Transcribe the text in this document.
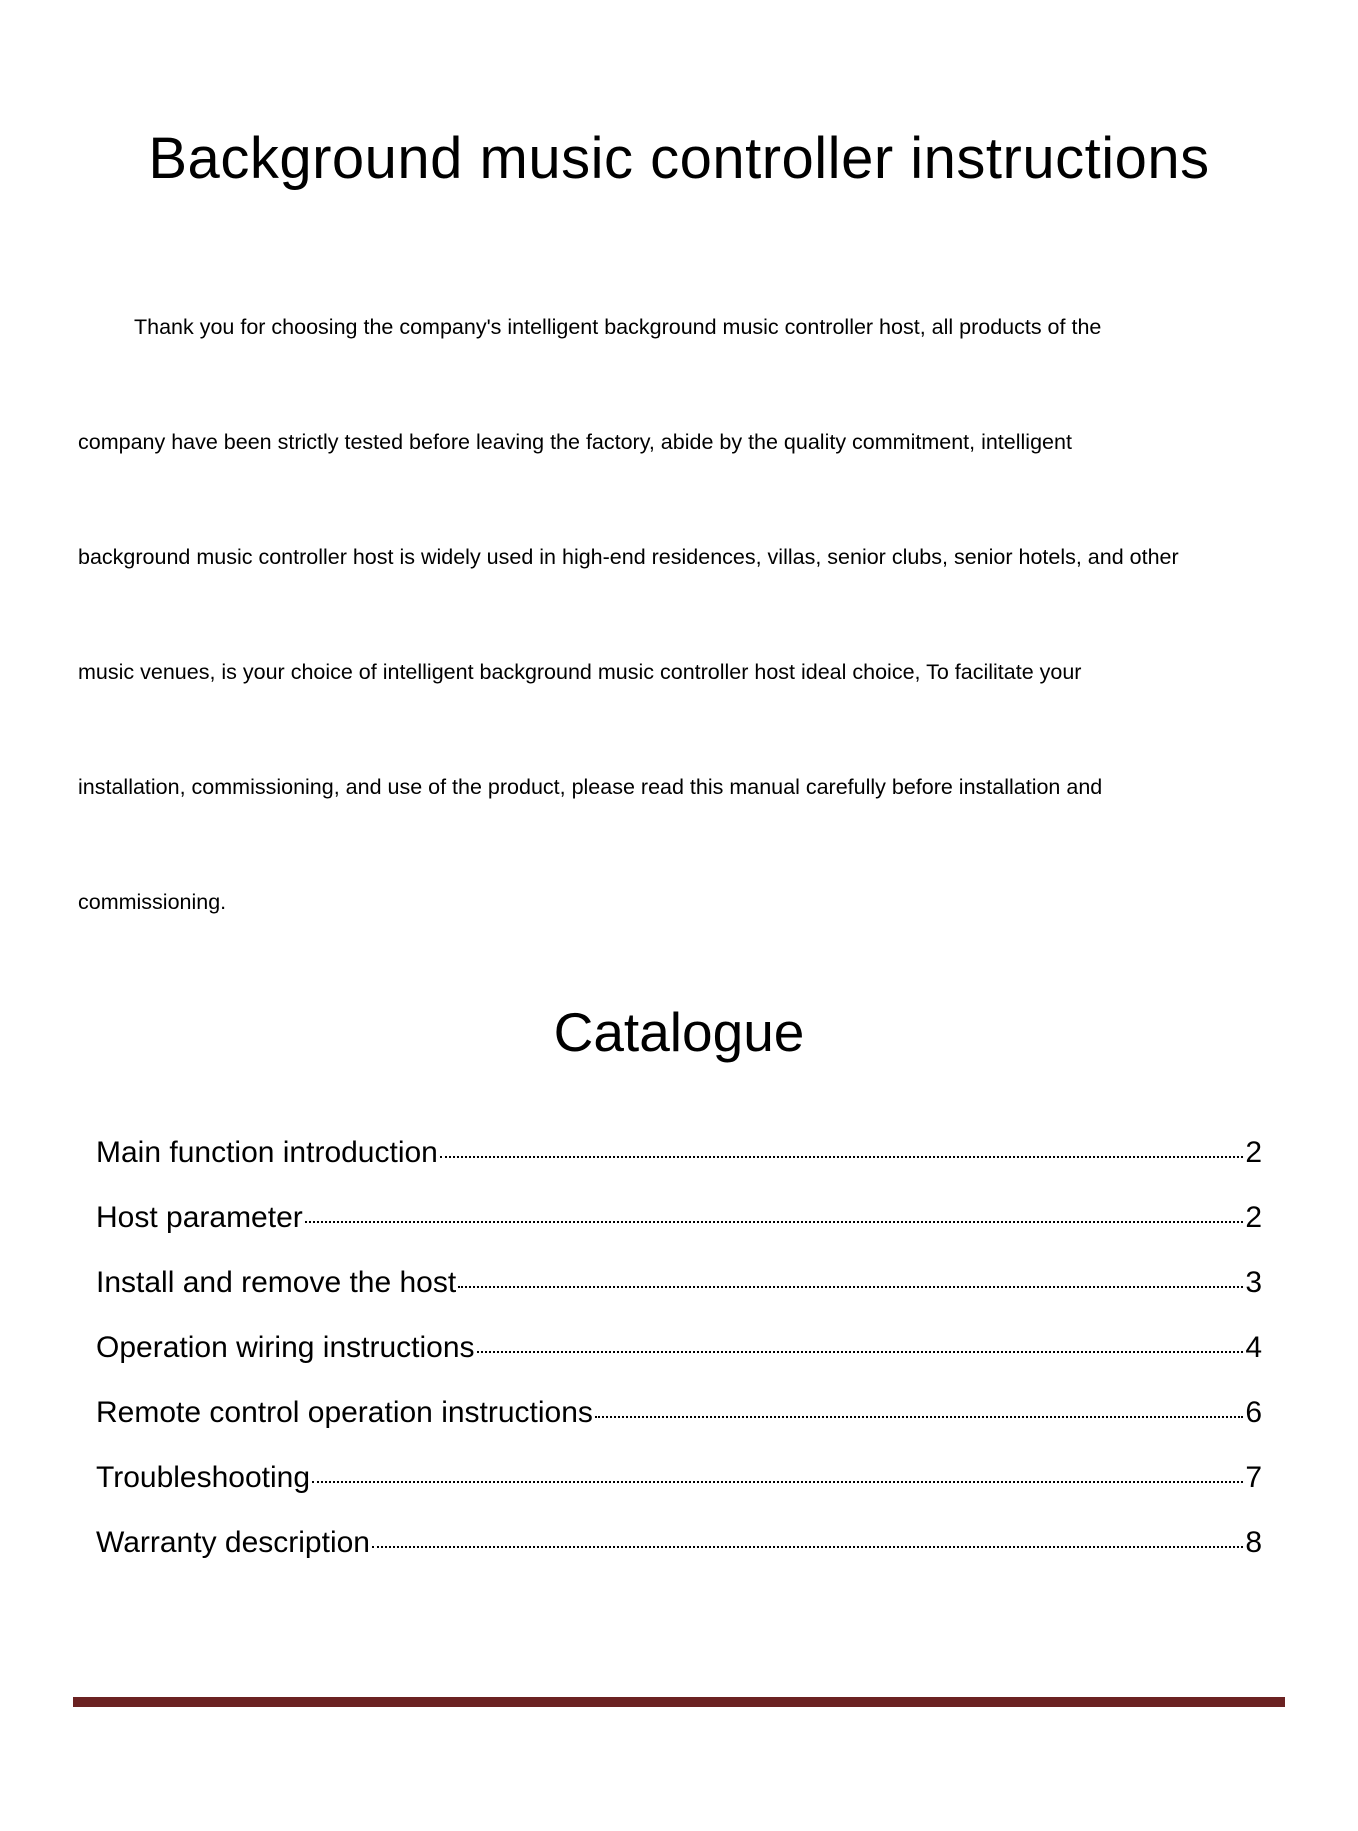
Background music controller instructions
Thank you for choosing the company's intelligent background music controller host, all products of the
company have been strictly tested before leaving the factory, abide by the quality commitment, intelligent
background music controller host is widely used in high-end residences, villas, senior clubs, senior hotels, and other
music venues, is your choice of intelligent background music controller host ideal choice, To facilitate your
installation, commissioning, and use of the product, please read this manual carefully before installation and
commissioning.
Catalogue
Main function introduction	2
Host parameter	2
Install and remove the host	3
Operation wiring instructions	4
Remote control operation instructions	6
Troubleshooting	7
Warranty description	8
